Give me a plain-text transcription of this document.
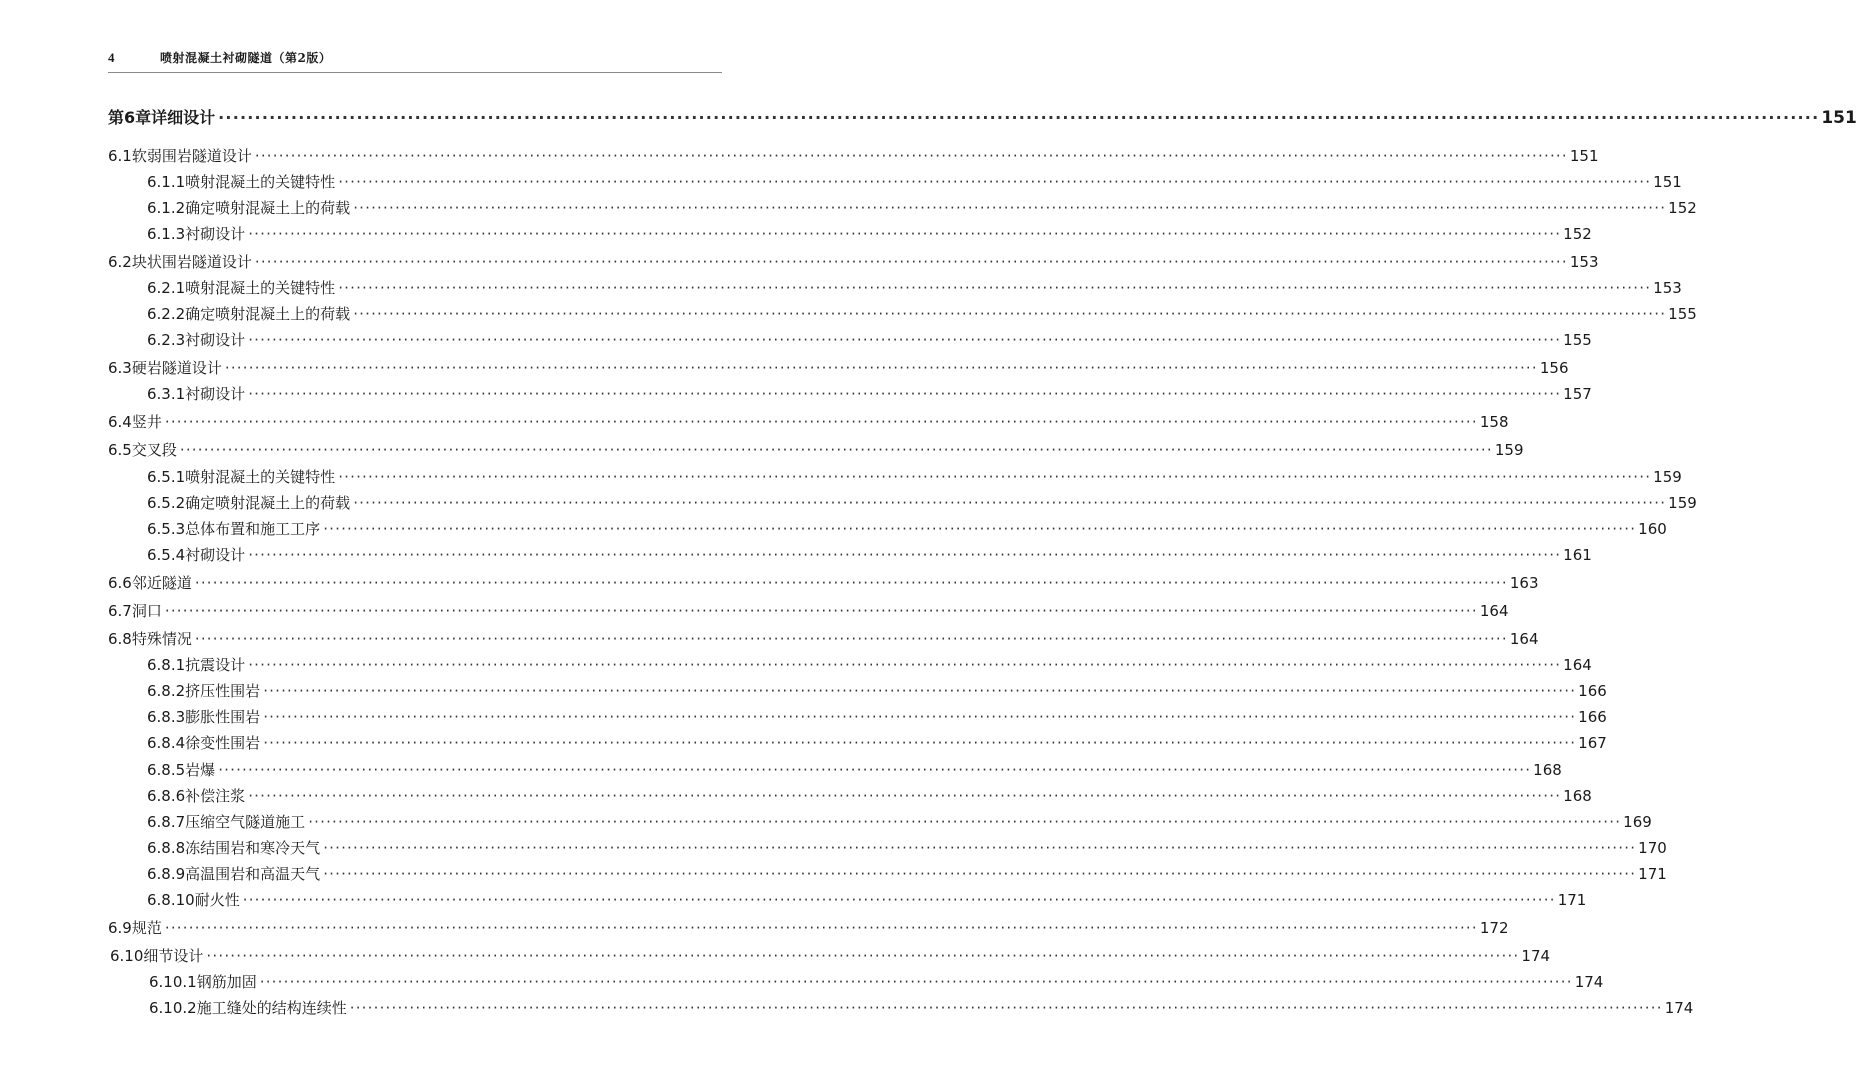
4	喷射混凝土衬砌隧道（第2版）
第6章 详细设计 ···························································································································································································································· 151
6.1 软弱围岩隧道设计 ···························································································································································································································· 151
6.1.1 喷射混凝土的关键特性 ···························································································································································································································· 151
6.1.2 确定喷射混凝土上的荷载 ···························································································································································································································· 152
6.1.3 衬砌设计 ···························································································································································································································· 152
6.2 块状围岩隧道设计 ···························································································································································································································· 153
6.2.1 喷射混凝土的关键特性 ···························································································································································································································· 153
6.2.2 确定喷射混凝土上的荷载 ···························································································································································································································· 155
6.2.3 衬砌设计 ···························································································································································································································· 155
6.3 硬岩隧道设计 ···························································································································································································································· 156
6.3.1 衬砌设计 ···························································································································································································································· 157
6.4 竖井 ···························································································································································································································· 158
6.5 交叉段 ···························································································································································································································· 159
6.5.1 喷射混凝土的关键特性 ···························································································································································································································· 159
6.5.2 确定喷射混凝土上的荷载 ···························································································································································································································· 159
6.5.3 总体布置和施工工序 ···························································································································································································································· 160
6.5.4 衬砌设计 ···························································································································································································································· 161
6.6 邻近隧道 ···························································································································································································································· 163
6.7 洞口 ···························································································································································································································· 164
6.8 特殊情况 ···························································································································································································································· 164
6.8.1 抗震设计 ···························································································································································································································· 164
6.8.2 挤压性围岩 ···························································································································································································································· 166
6.8.3 膨胀性围岩 ···························································································································································································································· 166
6.8.4 徐变性围岩 ···························································································································································································································· 167
6.8.5 岩爆 ···························································································································································································································· 168
6.8.6 补偿注浆 ···························································································································································································································· 168
6.8.7 压缩空气隧道施工 ···························································································································································································································· 169
6.8.8 冻结围岩和寒冷天气 ···························································································································································································································· 170
6.8.9 高温围岩和高温天气 ···························································································································································································································· 171
6.8.10 耐火性 ···························································································································································································································· 171
6.9 规范 ···························································································································································································································· 172
6.10 细节设计 ···························································································································································································································· 174
6.10.1 钢筋加固 ···························································································································································································································· 174
6.10.2 施工缝处的结构连续性 ···························································································································································································································· 174
